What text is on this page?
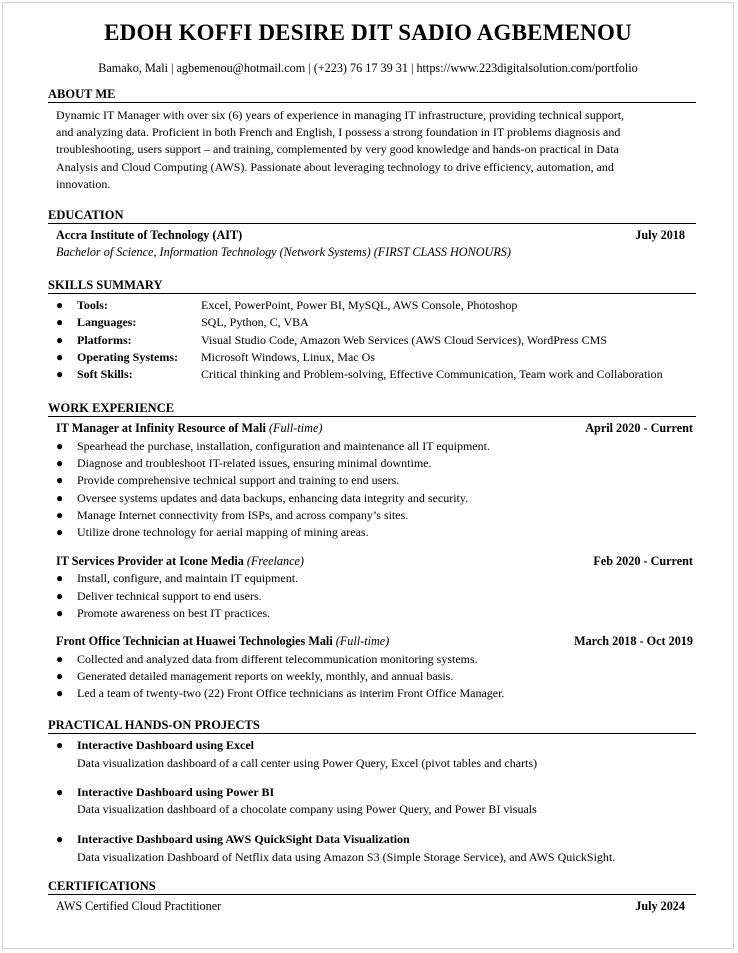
EDOH KOFFI DESIRE DIT SADIO AGBEMENOU
Bamako, Mali | agbemenou@hotmail.com | (+223) 76 17 39 31 | https://www.223digitalsolution.com/portfolio
ABOUT ME
Dynamic IT Manager with over six (6) years of experience in managing IT infrastructure, providing technical support,
and analyzing data. Proficient in both French and English, I possess a strong foundation in IT problems diagnosis and
troubleshooting, users support – and training, complemented by very good knowledge and hands-on practical in Data
Analysis and Cloud Computing (AWS). Passionate about leveraging technology to drive efficiency, automation, and
innovation.
EDUCATION
Accra Institute of Technology (AIT)	July 2018
Bachelor of Science, Information Technology (Network Systems) (FIRST CLASS HONOURS)
SKILLS SUMMARY
● Tools:	Excel, PowerPoint, Power BI, MySQL, AWS Console, Photoshop
● Languages:	SQL, Python, C, VBA
● Platforms:	Visual Studio Code, Amazon Web Services (AWS Cloud Services), WordPress CMS
● Operating Systems: Microsoft Windows, Linux, Mac Os
● Soft Skills:	Critical thinking and Problem-solving, Effective Communication, Team work and Collaboration
WORK EXPERIENCE
IT Manager at Infinity Resource of Mali (Full-time)	April 2020 - Current
● Spearhead the purchase, installation, configuration and maintenance all IT equipment.
● Diagnose and troubleshoot IT-related issues, ensuring minimal downtime.
● Provide comprehensive technical support and training to end users.
● Oversee systems updates and data backups, enhancing data integrity and security.
● Manage Internet connectivity from ISPs, and across company’s sites.
● Utilize drone technology for aerial mapping of mining areas.
IT Services Provider at Icone Media (Freelance)	Feb 2020 - Current
● Install, configure, and maintain IT equipment.
● Deliver technical support to end users.
● Promote awareness on best IT practices.
Front Office Technician at Huawei Technologies Mali (Full-time)	March 2018 - Oct 2019
● Collected and analyzed data from different telecommunication monitoring systems.
● Generated detailed management reports on weekly, monthly, and annual basis.
● Led a team of twenty-two (22) Front Office technicians as interim Front Office Manager.
PRACTICAL HANDS-ON PROJECTS
● Interactive Dashboard using Excel
Data visualization dashboard of a call center using Power Query, Excel (pivot tables and charts)
● Interactive Dashboard using Power BI
Data visualization dashboard of a chocolate company using Power Query, and Power BI visuals
● Interactive Dashboard using AWS QuickSight Data Visualization
Data visualization Dashboard of Netflix data using Amazon S3 (Simple Storage Service), and AWS QuickSight.
CERTIFICATIONS
AWS Certified Cloud Practitioner	July 2024
